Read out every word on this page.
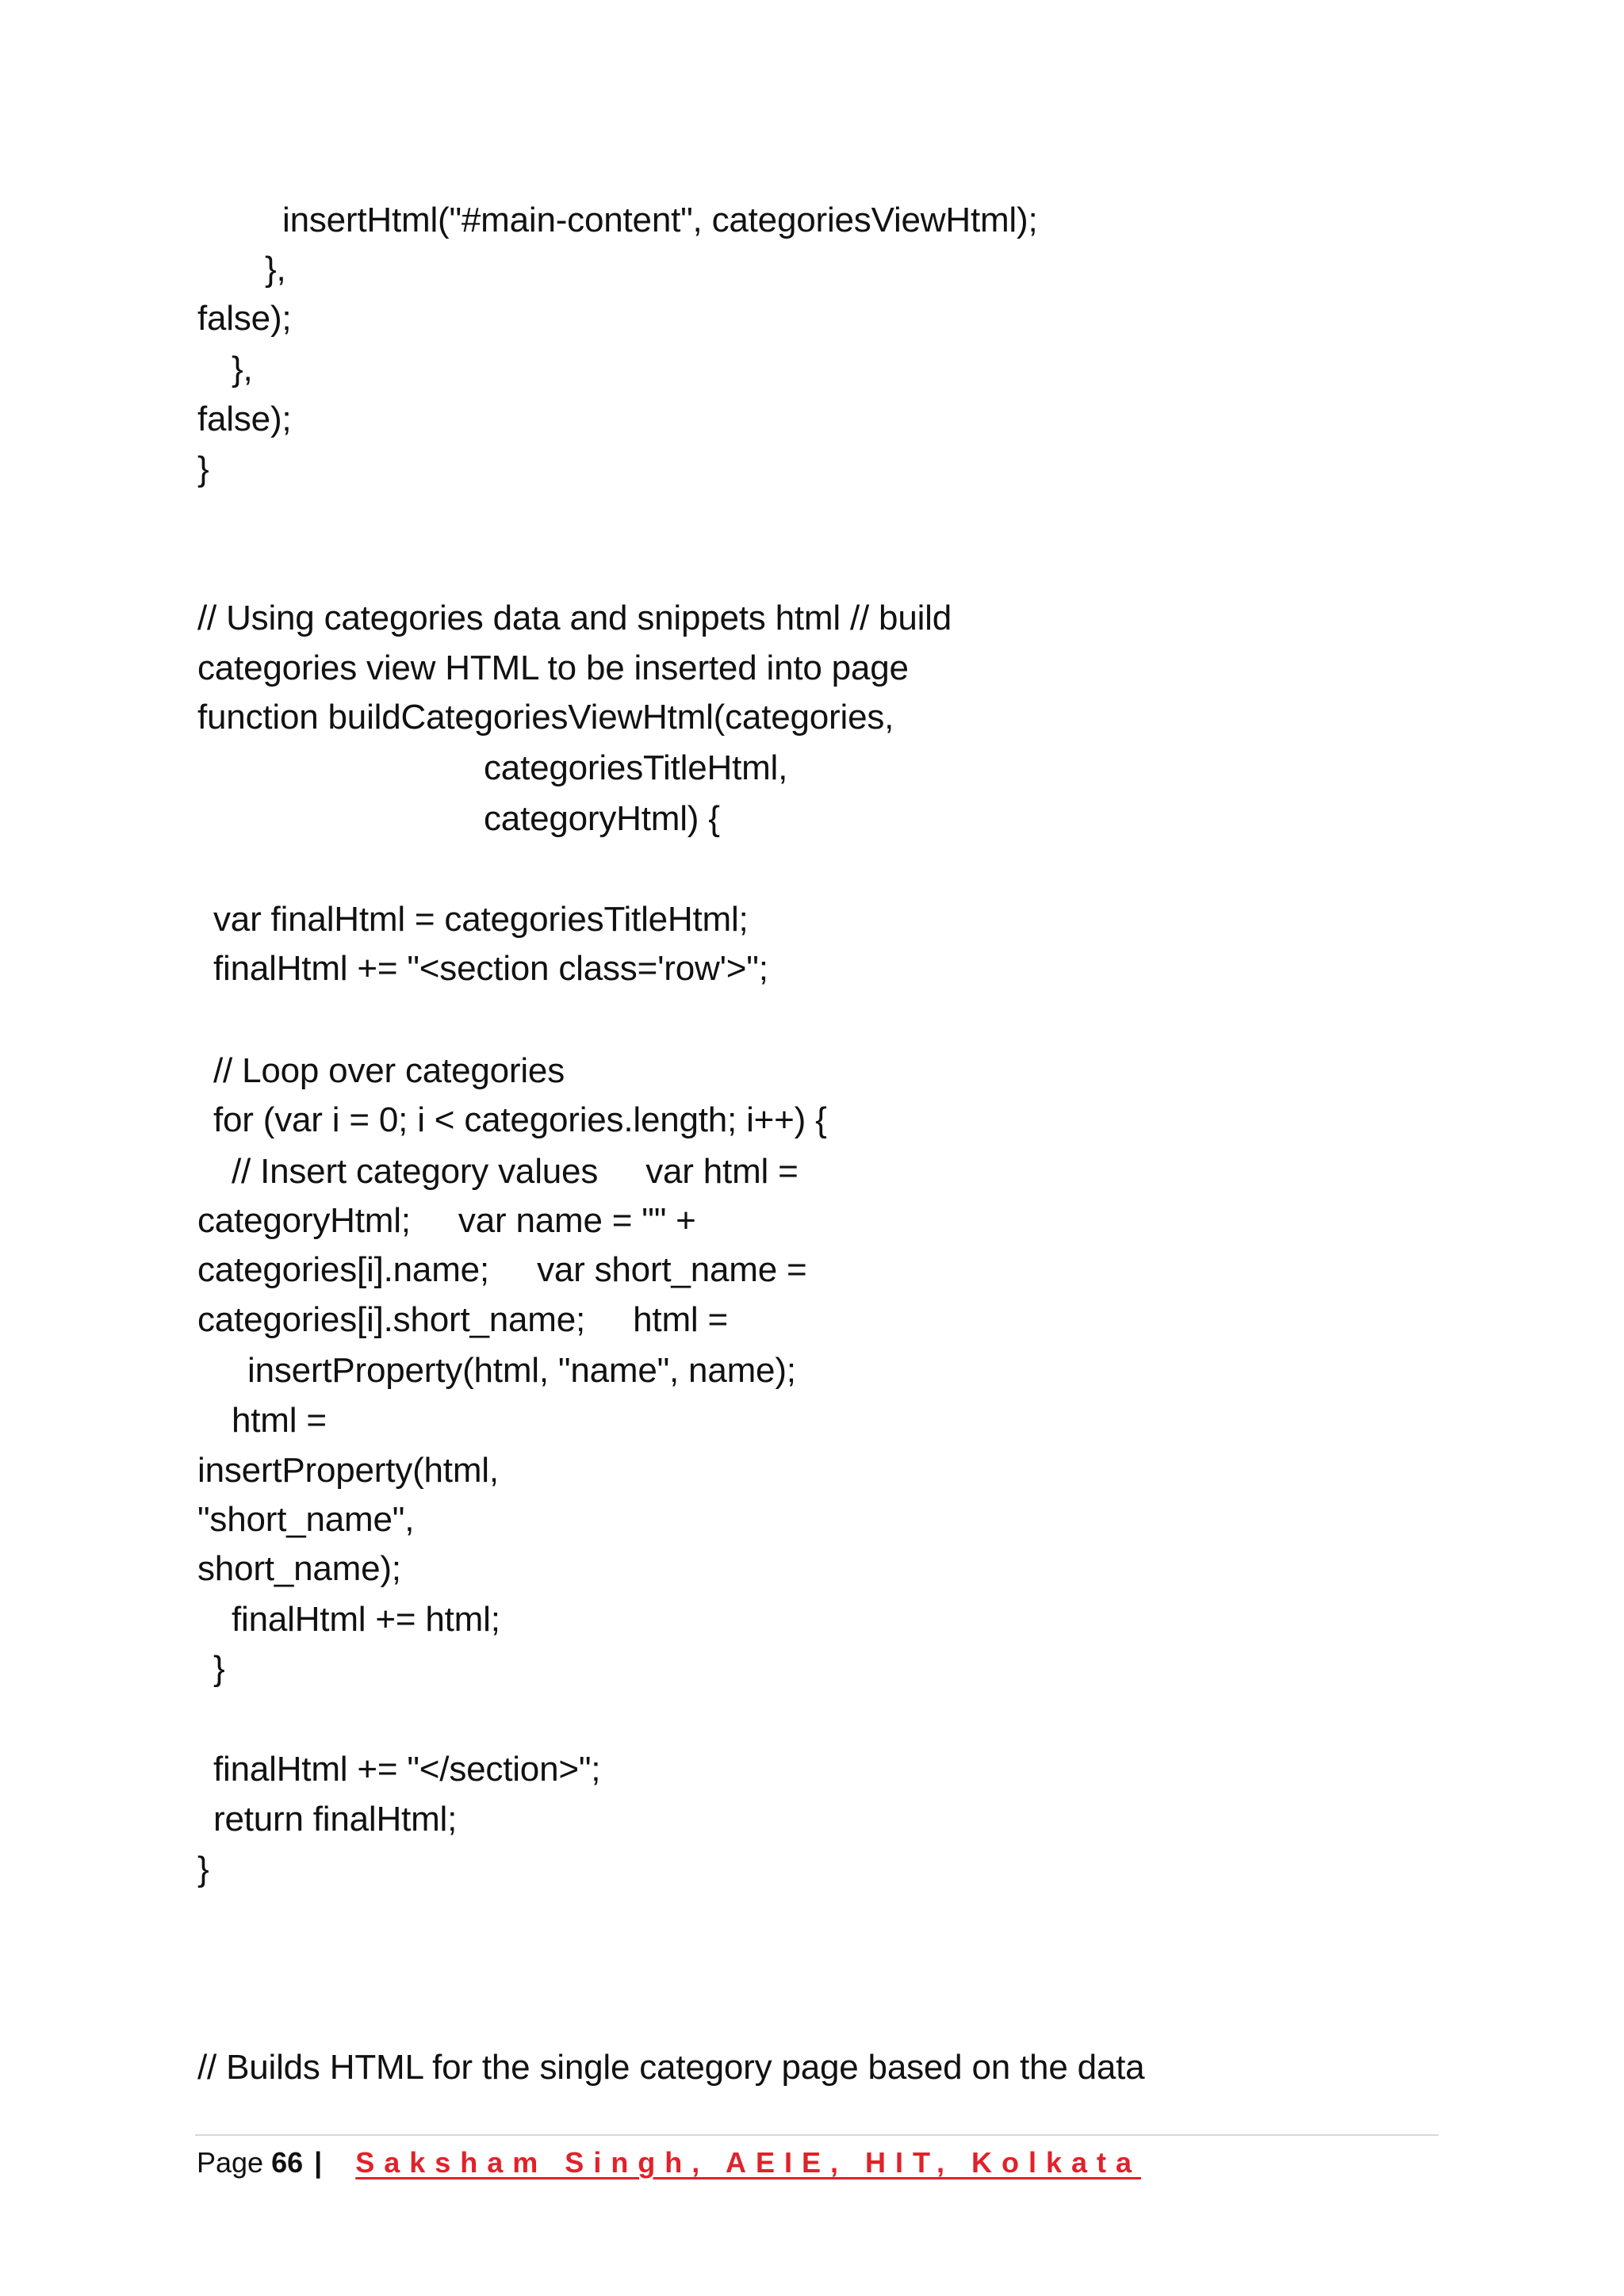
insertHtml("#main-content", categoriesViewHtml);
},
false);
},
false);
}
// Using categories data and snippets html // build
categories view HTML to be inserted into page
function buildCategoriesViewHtml(categories,
categoriesTitleHtml,
categoryHtml) {
var finalHtml = categoriesTitleHtml;
finalHtml += "<section class='row'>";
// Loop over categories
for (var i = 0; i < categories.length; i++) {
// Insert category values     var html =
categoryHtml;     var name = "" +
categories[i].name;     var short_name =
categories[i].short_name;     html =
insertProperty(html, "name", name);
html =
insertProperty(html,
"short_name",
short_name);
finalHtml += html;
}
finalHtml += "</section>";
return finalHtml;
}
// Builds HTML for the single category page based on the data
Page 66 | Saksham Singh, AEIE, HIT, Kolkata
